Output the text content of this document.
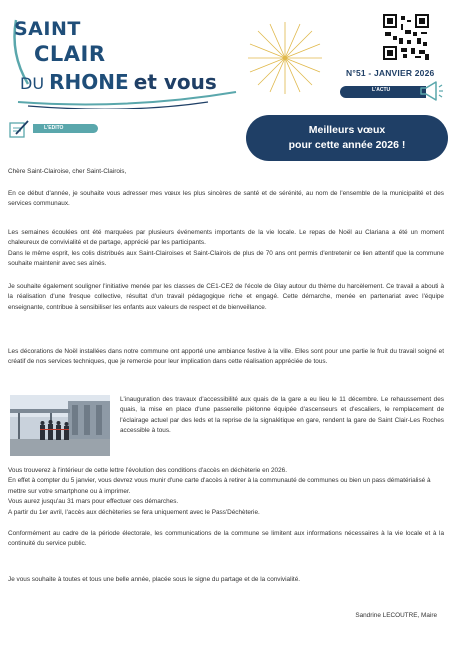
SAINT
CLAIR
DU RHONE et vous	N°51 - JANVIER 2026
L'ACTU
L'EDITO	Meilleurs vœux
pour cette année 2026 !
Chère Saint-Clairoise, cher Saint-Clairois,
En ce début d'année, je souhaite vous adresser mes vœux les plus sincères de santé et de sérénité, au nom de l'ensemble de la municipalité et des services communaux.
Les semaines écoulées ont été marquées par plusieurs événements importants de la vie locale. Le repas de Noël au Clariana a été un moment chaleureux de convivialité et de partage, apprécié par les participants.
Dans le même esprit, les colis distribués aux Saint-Clairoises et Saint-Clairois de plus de 70 ans ont permis d'entretenir ce lien attentif que la commune souhaite maintenir avec ses aînés.
Je souhaite également souligner l'initiative menée par les classes de CE1-CE2 de l'école de Glay autour du thème du harcèlement. Ce travail a abouti à la réalisation d'une fresque collective, résultat d'un travail pédagogique riche et engagé. Cette démarche, menée en partenariat avec l'équipe enseignante, contribue à sensibiliser les enfants aux valeurs de respect et de bienveillance.
Les décorations de Noël installées dans notre commune ont apporté une ambiance festive à la ville. Elles sont pour une partie le fruit du travail soigné et créatif de nos services techniques, que je remercie pour leur implication dans cette réalisation appréciée de tous.
L'inauguration des travaux d'accessibilité aux quais de la gare a eu lieu le 11 décembre. Le rehaussement des quais, la mise en place d'une passerelle piétonne équipée d'ascenseurs et d'escaliers, le remplacement de l'éclairage actuel par des leds et la reprise de la signalétique en gare, rendent la gare de Saint Clair-Les Roches accessible à tous.
Vous trouverez à l'intérieur de cette lettre l'évolution des conditions d'accès en déchèterie en 2026.
En effet à compter du 5 janvier, vous devrez vous munir d'une carte d'accès à retirer à la communauté de communes ou bien un pass dématérialisé à mettre sur votre smartphone ou à imprimer.
Vous aurez jusqu'au 31 mars pour effectuer ces démarches.
A partir du 1er avril, l'accès aux déchèteries se fera uniquement avec le Pass'Déchèterie.
Conformément au cadre de la période électorale, les communications de la commune se limitent aux informations nécessaires à la vie locale et à la continuité du service public.
Je vous souhaite à toutes et tous une belle année, placée sous le signe du partage et de la convivialité.
Sandrine LECOUTRE, Maire
